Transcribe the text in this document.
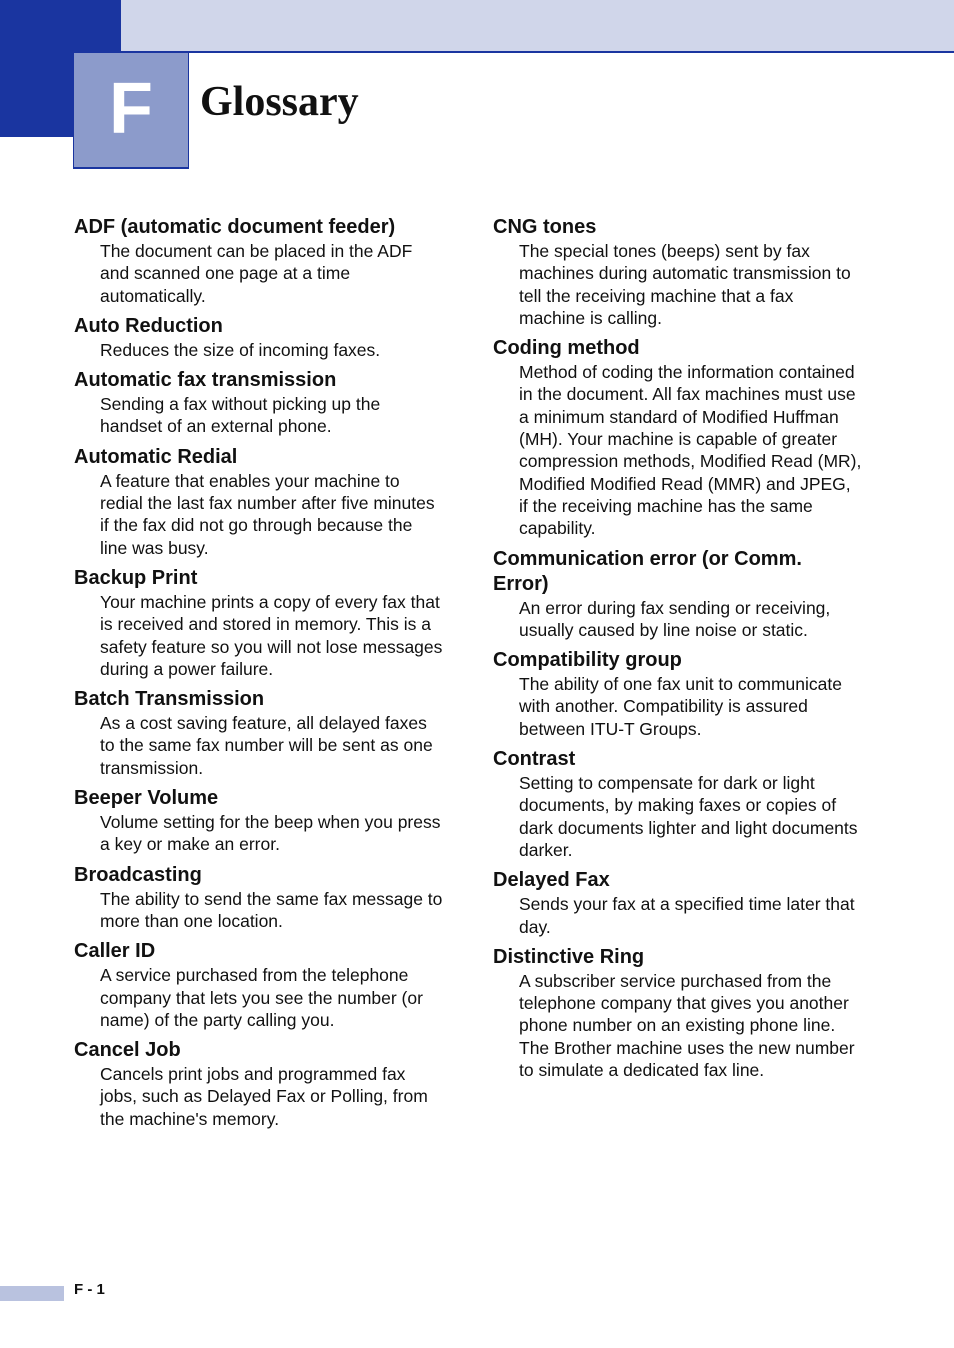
F	Glossary
ADF (automatic document feeder)

The document can be placed in the ADF and scanned one page at a time automatically.

Auto Reduction

Reduces the size of incoming faxes.

Automatic fax transmission

Sending a fax without picking up the handset of an external phone.

Automatic Redial

A feature that enables your machine to redial the last fax number after five minutes if the fax did not go through because the line was busy.

Backup Print

Your machine prints a copy of every fax that is received and stored in memory. This is a safety feature so you will not lose messages during a power failure.

Batch Transmission

As a cost saving feature, all delayed faxes to the same fax number will be sent as one transmission.

Beeper Volume

Volume setting for the beep when you press a key or make an error.

Broadcasting

The ability to send the same fax message to more than one location.

Caller ID

A service purchased from the telephone company that lets you see the number (or name) of the party calling you.

Cancel Job

Cancels print jobs and programmed fax jobs, such as Delayed Fax or Polling, from the machine's memory.

CNG tones

The special tones (beeps) sent by fax machines during automatic transmission to tell the receiving machine that a fax machine is calling.

Coding method

Method of coding the information contained in the document. All fax machines must use a minimum standard of Modified Huffman (MH). Your machine is capable of greater compression methods, Modified Read (MR), Modified Modified Read (MMR) and JPEG, if the receiving machine has the same capability.

Communication error (or Comm. Error)

An error during fax sending or receiving, usually caused by line noise or static.

Compatibility group

The ability of one fax unit to communicate with another. Compatibility is assured between ITU-T Groups.

Contrast

Setting to compensate for dark or light documents, by making faxes or copies of dark documents lighter and light documents darker.

Delayed Fax

Sends your fax at a specified time later that day.

Distinctive Ring

A subscriber service purchased from the telephone company that gives you another phone number on an existing phone line. The Brother machine uses the new number to simulate a dedicated fax line.

F - 1
